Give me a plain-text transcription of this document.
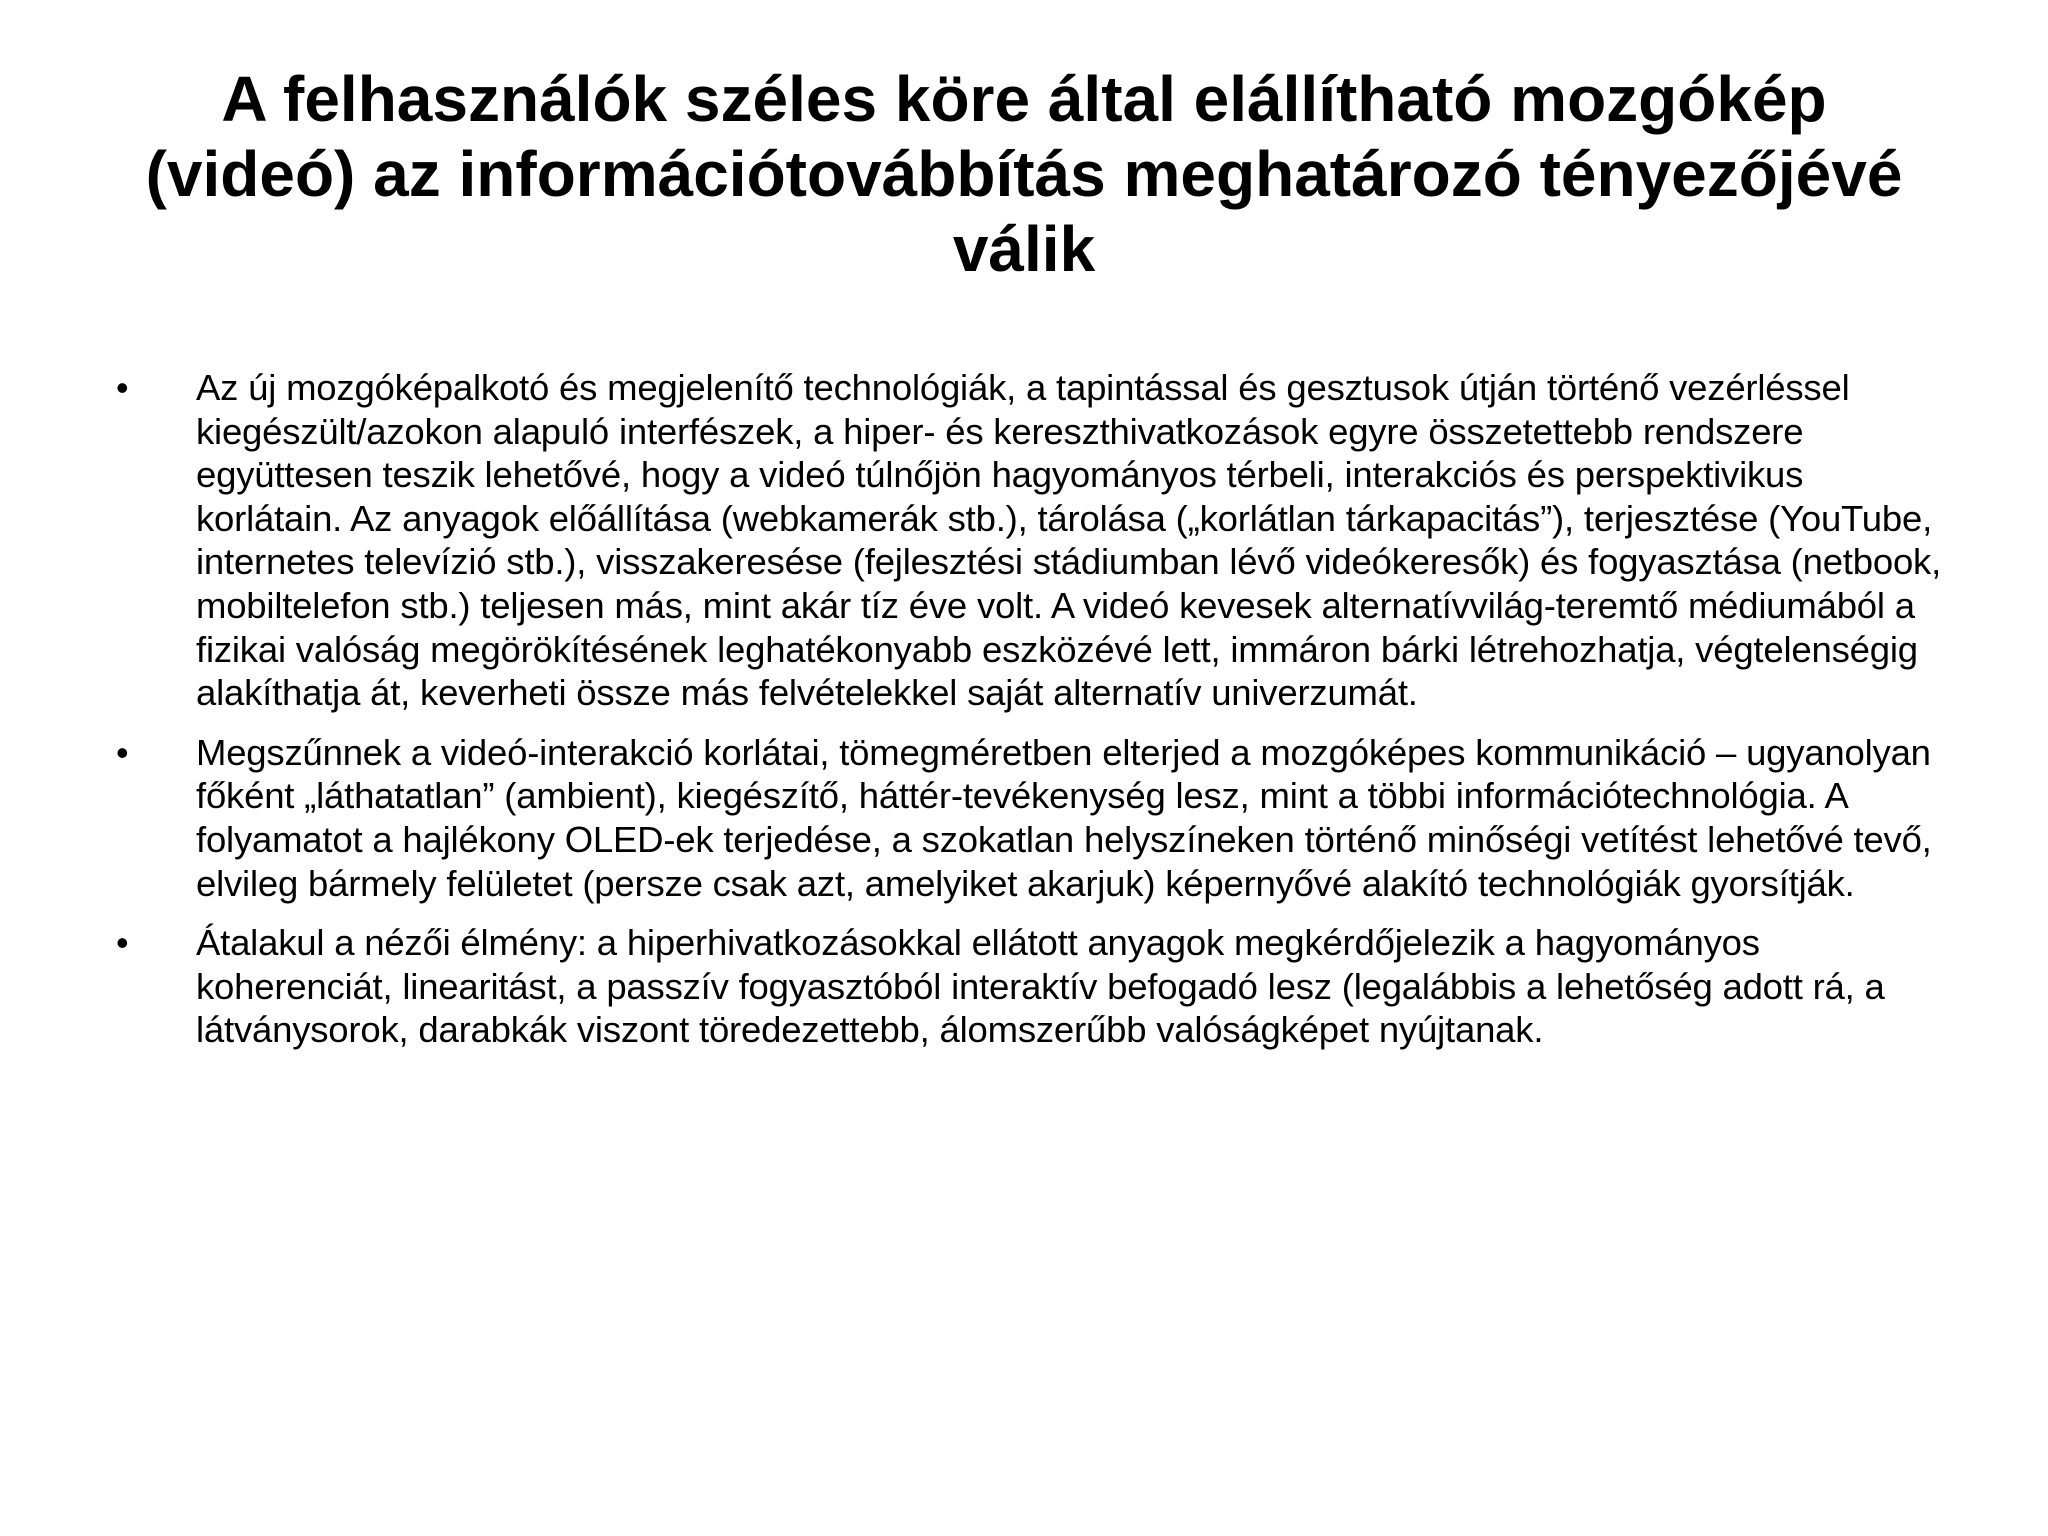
A felhasználók széles köre által elállítható mozgókép (videó) az információtovábbítás meghatározó tényezőjévé válik
• Az új mozgóképalkotó és megjelenítő technológiák, a tapintással és gesztusok útján történő vezérléssel kiegészült/azokon alapuló interfészek, a hiper- és kereszthivatkozások egyre összetettebb rendszere együttesen teszik lehetővé, hogy a videó túlnőjön hagyományos térbeli, interakciós és perspektivikus korlátain. Az anyagok előállítása (webkamerák stb.), tárolása („korlátlan tárkapacitás”), terjesztése (YouTube, internetes televízió stb.), visszakeresése (fejlesztési stádiumban lévő videókeresők) és fogyasztása (netbook, mobiltelefon stb.) teljesen más, mint akár tíz éve volt. A videó kevesek alternatívvilág-teremtő médiumából a fizikai valóság megörökítésének leghatékonyabb eszközévé lett, immáron bárki létrehozhatja, végtelenségig alakíthatja át, keverheti össze más felvételekkel saját alternatív univerzumát.
• Megszűnnek a videó-interakció korlátai, tömegméretben elterjed a mozgóképes kommunikáció – ugyanolyan főként „láthatatlan” (ambient), kiegészítő, háttér-tevékenység lesz, mint a többi információtechnológia. A folyamatot a hajlékony OLED-ek terjedése, a szokatlan helyszíneken történő minőségi vetítést lehetővé tevő, elvileg bármely felületet (persze csak azt, amelyiket akarjuk) képernyővé alakító technológiák gyorsítják.
• Átalakul a nézői élmény: a hiperhivatkozásokkal ellátott anyagok megkérdőjelezik a hagyományos koherenciát, linearitást, a passzív fogyasztóból interaktív befogadó lesz (legalábbis a lehetőség adott rá, a látványsorok, darabkák viszont töredezettebb, álomszerűbb valóságképet nyújtanak.
